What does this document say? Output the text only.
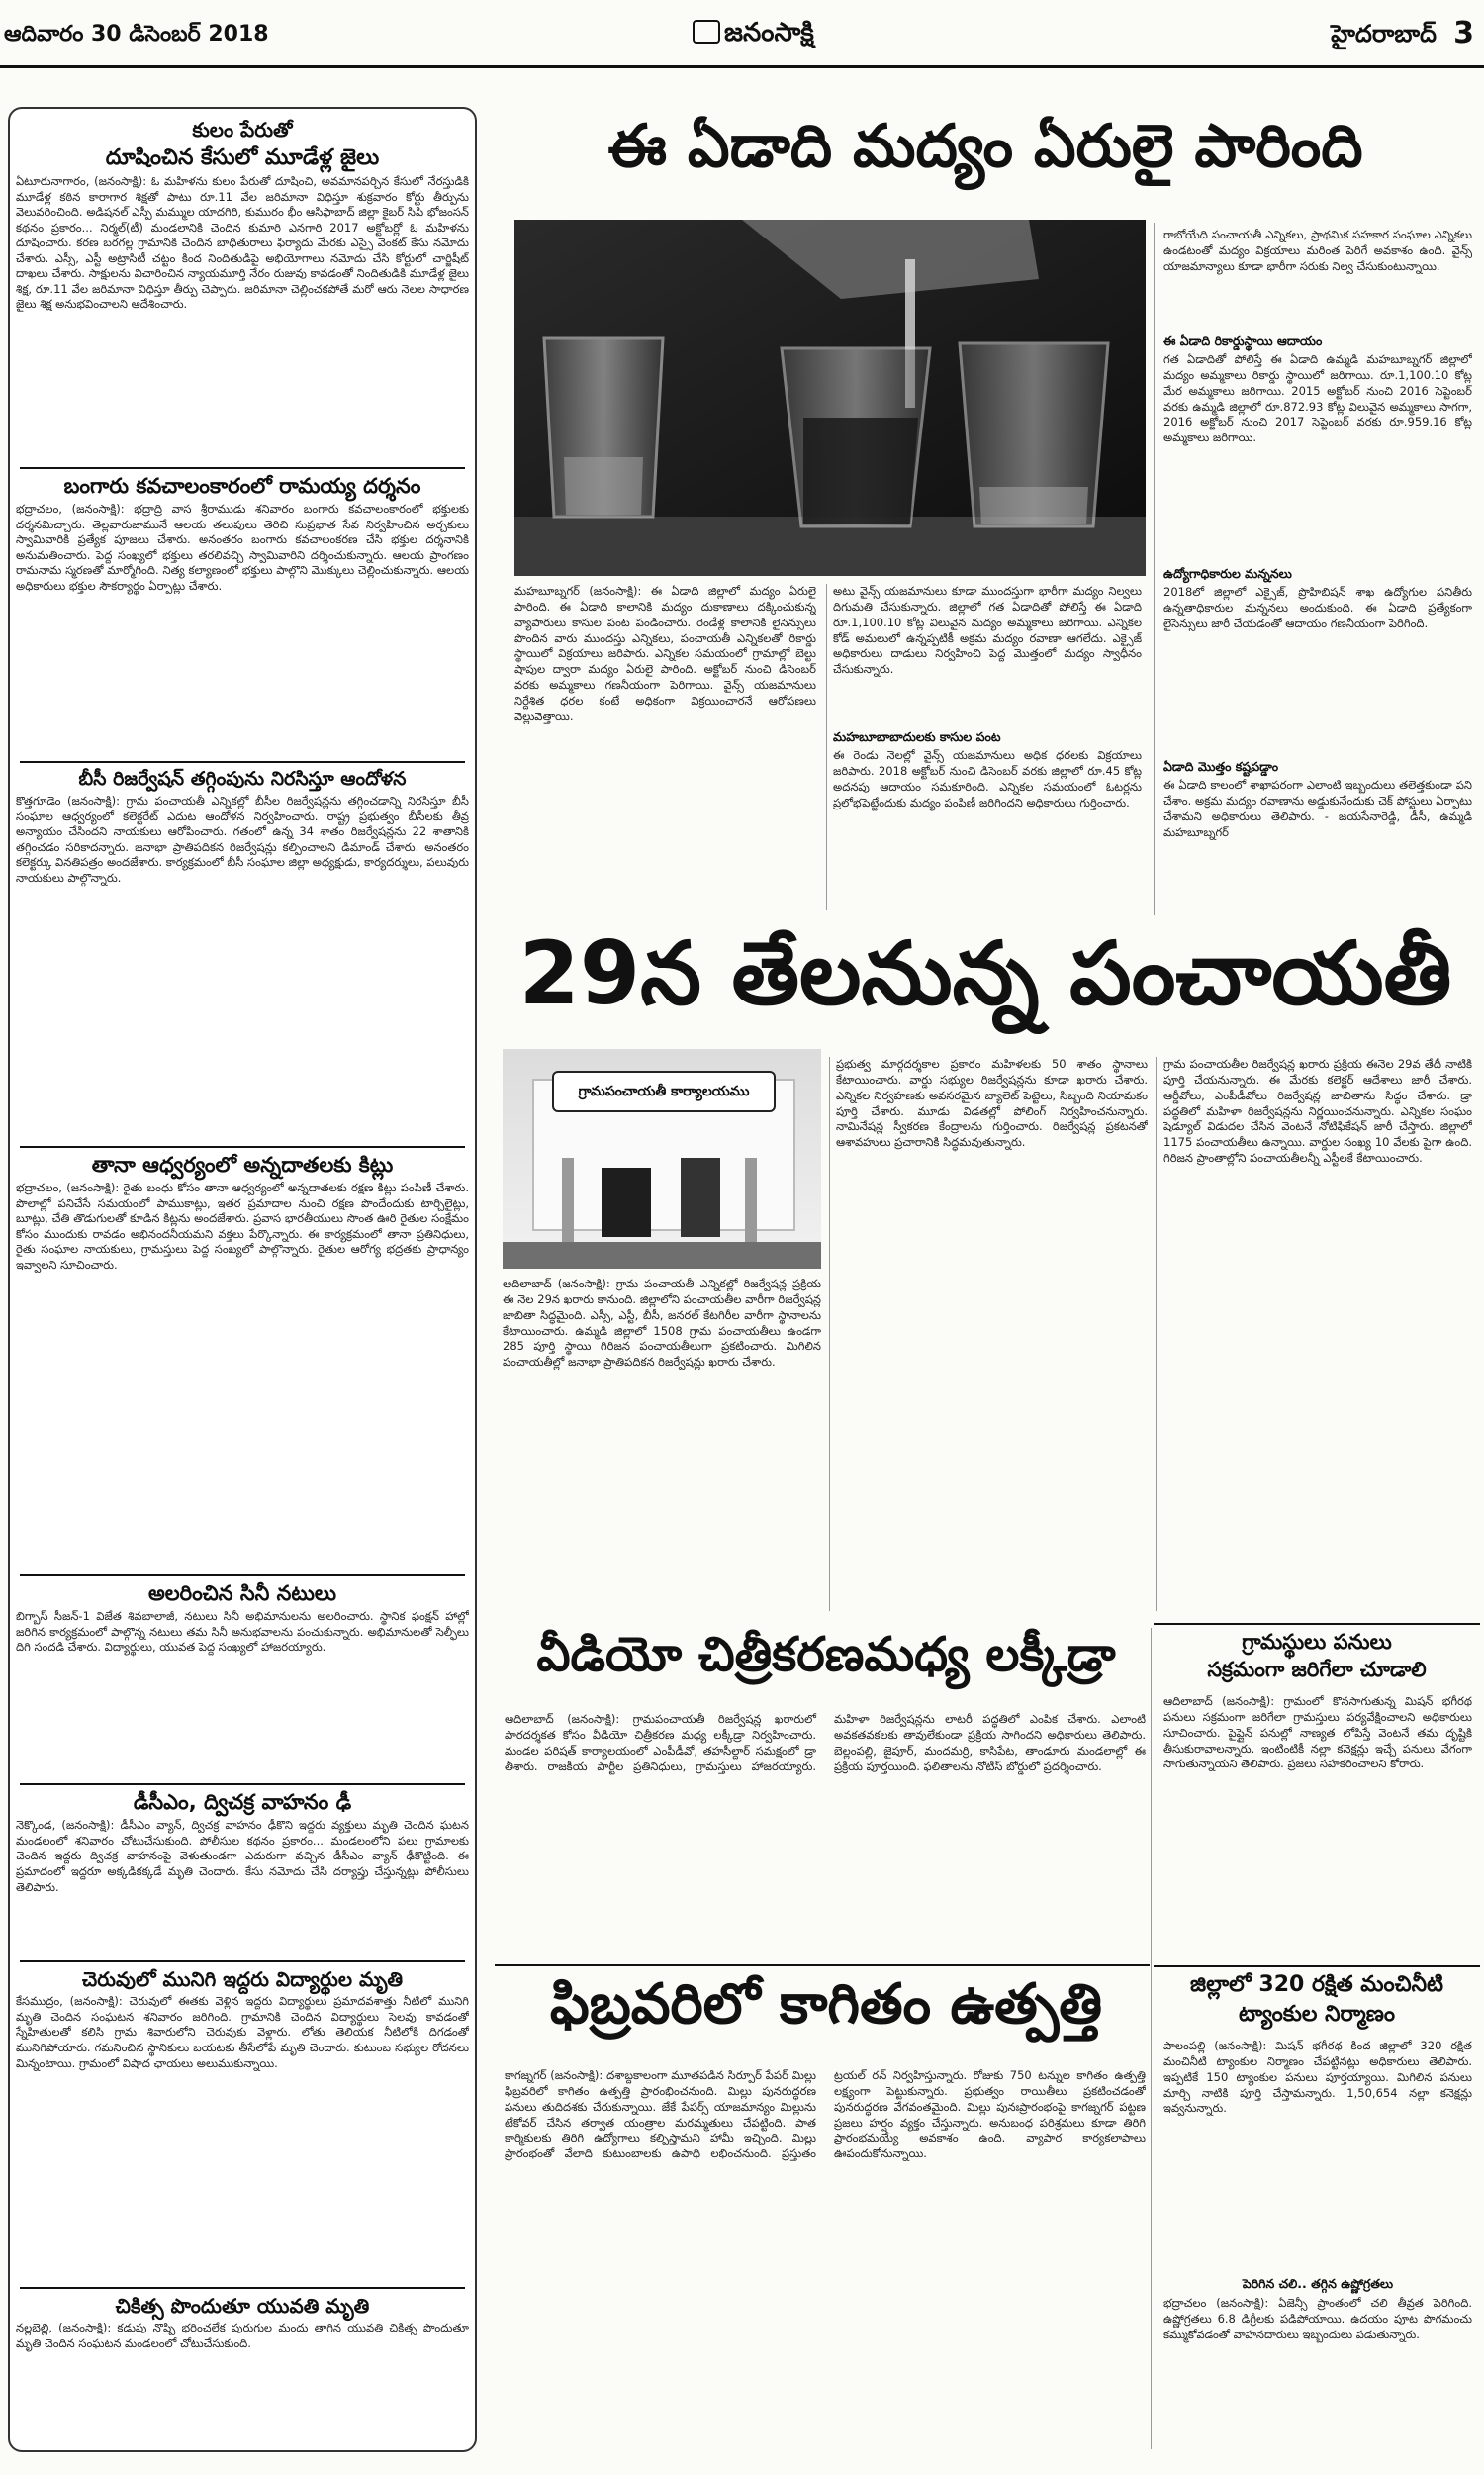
ఆదివారం 30 డిసెంబర్ 2018	జనంసాక్షి	హైదరాబాద్ 3
కులం పేరుతో
దూషించిన కేసులో మూడేళ్ల జైలు
ఏటూరునాగారం, (జనంసాక్షి): ఓ మహిళను కులం పేరుతో దూషించి, అవమానపర్చిన కేసులో నేరస్తుడికి మూడేళ్ల కఠిన కారాగార శిక్షతో పాటు రూ.11 వేల జరిమానా విధిస్తూ శుక్రవారం కోర్టు తీర్పును వెలువరించింది. అడిషనల్ ఎస్పీ మమ్ముల యాదగిరి, కుమురం భీం ఆసిఫాబాద్ జిల్లా కైబర్ సిపి భోజంసన్ కథనం ప్రకారం... నిర్మల్(టీ) మండలానికి చెందిన కుమారి ఎనగారి 2017 అక్టోబర్లో ఓ మహిళను దూషించారు. కరణ బరగల్ల గ్రామానికి చెందిన బాధితురాలు ఫిర్యాదు మేరకు ఎస్సై వెంకట్ కేసు నమోదు చేశారు. ఎస్సీ, ఎస్టీ అట్రాసిటీ చట్టం కింద నిందితుడిపై అభియోగాలు నమోదు చేసి కోర్టులో చార్జిషీట్ దాఖలు చేశారు. సాక్షులను విచారించిన న్యాయమూర్తి నేరం రుజువు కావడంతో నిందితుడికి మూడేళ్ల జైలు శిక్ష, రూ.11 వేల జరిమానా విధిస్తూ తీర్పు చెప్పారు. జరిమానా చెల్లించకపోతే మరో ఆరు నెలల సాధారణ జైలు శిక్ష అనుభవించాలని ఆదేశించారు.
బంగారు కవచాలంకారంలో రామయ్య దర్శనం
భద్రాచలం, (జనంసాక్షి): భద్రాద్రి వాస శ్రీరాముడు శనివారం బంగారు కవచాలంకారంలో భక్తులకు దర్శనమిచ్చారు. తెల్లవారుజామునే ఆలయ తలుపులు తెరిచి సుప్రభాత సేవ నిర్వహించిన అర్చకులు స్వామివారికి ప్రత్యేక పూజలు చేశారు. అనంతరం బంగారు కవచాలంకరణ చేసి భక్తుల దర్శనానికి అనుమతించారు. పెద్ద సంఖ్యలో భక్తులు తరలివచ్చి స్వామివారిని దర్శించుకున్నారు. ఆలయ ప్రాంగణం రామనామ స్మరణతో మార్మోగింది. నిత్య కల్యాణంలో భక్తులు పాల్గొని మొక్కులు చెల్లించుకున్నారు. ఆలయ అధికారులు భక్తుల సౌకర్యార్థం ఏర్పాట్లు చేశారు.
బీసీ రిజర్వేషన్ తగ్గింపును నిరసిస్తూ ఆందోళన
కొత్తగూడెం (జనంసాక్షి): గ్రామ పంచాయతీ ఎన్నికల్లో బీసీల రిజర్వేషన్లను తగ్గించడాన్ని నిరసిస్తూ బీసీ సంఘాల ఆధ్వర్యంలో కలెక్టరేట్ ఎదుట ఆందోళన నిర్వహించారు. రాష్ట్ర ప్రభుత్వం బీసీలకు తీవ్ర అన్యాయం చేసిందని నాయకులు ఆరోపించారు. గతంలో ఉన్న 34 శాతం రిజర్వేషన్లను 22 శాతానికి తగ్గించడం సరికాదన్నారు. జనాభా ప్రాతిపదికన రిజర్వేషన్లు కల్పించాలని డిమాండ్ చేశారు. అనంతరం కలెక్టర్కు వినతిపత్రం అందజేశారు. కార్యక్రమంలో బీసీ సంఘాల జిల్లా అధ్యక్షుడు, కార్యదర్శులు, పలువురు నాయకులు పాల్గొన్నారు.
తానా ఆధ్వర్యంలో అన్నదాతలకు కిట్లు
భద్రాచలం, (జనంసాక్షి): రైతు బంధు కోసం తానా ఆధ్వర్యంలో అన్నదాతలకు రక్షణ కిట్లు పంపిణీ చేశారు. పొలాల్లో పనిచేసే సమయంలో పాముకాట్లు, ఇతర ప్రమాదాల నుంచి రక్షణ పొందేందుకు టార్చిలైట్లు, బూట్లు, చేతి తొడుగులతో కూడిన కిట్లను అందజేశారు. ప్రవాస భారతీయులు సొంత ఊరి రైతుల సంక్షేమం కోసం ముందుకు రావడం అభినందనీయమని వక్తలు పేర్కొన్నారు. ఈ కార్యక్రమంలో తానా ప్రతినిధులు, రైతు సంఘాల నాయకులు, గ్రామస్తులు పెద్ద సంఖ్యలో పాల్గొన్నారు. రైతుల ఆరోగ్య భద్రతకు ప్రాధాన్యం ఇవ్వాలని సూచించారు.
అలరించిన సినీ నటులు
బిగ్బాస్ సీజన్-1 విజేత శివబాలాజీ, నటులు సినీ అభిమానులను అలరించారు. స్థానిక ఫంక్షన్ హాల్లో జరిగిన కార్యక్రమంలో పాల్గొన్న నటులు తమ సినీ అనుభవాలను పంచుకున్నారు. అభిమానులతో సెల్ఫీలు దిగి సందడి చేశారు. విద్యార్థులు, యువత పెద్ద సంఖ్యలో హాజరయ్యారు.
డీసీఎం, ద్విచక్ర వాహనం ఢీ
నెక్కొండ, (జనంసాక్షి): డీసీఎం వ్యాన్, ద్విచక్ర వాహనం ఢీకొని ఇద్దరు వ్యక్తులు మృతి చెందిన ఘటన మండలంలో శనివారం చోటుచేసుకుంది. పోలీసుల కథనం ప్రకారం... మండలంలోని పలు గ్రామాలకు చెందిన ఇద్దరు ద్విచక్ర వాహనంపై వెళుతుండగా ఎదురుగా వచ్చిన డీసీఎం వ్యాన్ ఢీకొట్టింది. ఈ ప్రమాదంలో ఇద్దరూ అక్కడికక్కడే మృతి చెందారు. కేసు నమోదు చేసి దర్యాప్తు చేస్తున్నట్లు పోలీసులు తెలిపారు.
చెరువులో మునిగి ఇద్దరు విద్యార్థుల మృతి
కేసముద్రం, (జనంసాక్షి): చెరువులో ఈతకు వెళ్లిన ఇద్దరు విద్యార్థులు ప్రమాదవశాత్తు నీటిలో మునిగి మృతి చెందిన సంఘటన శనివారం జరిగింది. గ్రామానికి చెందిన విద్యార్థులు సెలవు కావడంతో స్నేహితులతో కలిసి గ్రామ శివారులోని చెరువుకు వెళ్లారు. లోతు తెలియక నీటిలోకి దిగడంతో మునిగిపోయారు. గమనించిన స్థానికులు బయటకు తీసేలోపే మృతి చెందారు. కుటుంబ సభ్యుల రోదనలు మిన్నంటాయి. గ్రామంలో విషాద ఛాయలు అలుముకున్నాయి.
చికిత్స పొందుతూ యువతి మృతి
నల్లబెల్లి, (జనంసాక్షి): కడుపు నొప్పి భరించలేక పురుగుల మందు తాగిన యువతి చికిత్స పొందుతూ మృతి చెందిన సంఘటన మండలంలో చోటుచేసుకుంది.
ఈ ఏడాది మద్యం ఏరులై పారింది
మహబూబ్నగర్ (జనంసాక్షి): ఈ ఏడాది జిల్లాలో మద్యం ఏరులై పారింది. ఈ ఏడాది కాలానికి మద్యం దుకాణాలు దక్కించుకున్న వ్యాపారులు కాసుల పంట పండించారు. రెండేళ్ల కాలానికి లైసెన్సులు పొందిన వారు ముందస్తు ఎన్నికలు, పంచాయతీ ఎన్నికలతో రికార్డు స్థాయిలో విక్రయాలు జరిపారు. ఎన్నికల సమయంలో గ్రామాల్లో బెల్టు షాపుల ద్వారా మద్యం ఏరులై పారింది. అక్టోబర్ నుంచి డిసెంబర్ వరకు అమ్మకాలు గణనీయంగా పెరిగాయి. వైన్స్ యజమానులు నిర్దేశిత ధరల కంటే అధికంగా విక్రయించారనే ఆరోపణలు వెల్లువెత్తాయి.
అటు వైన్స్ యజమానులు కూడా ముందస్తుగా భారీగా మద్యం నిల్వలు దిగుమతి చేసుకున్నారు. జిల్లాలో గత ఏడాదితో పోలిస్తే ఈ ఏడాది రూ.1,100.10 కోట్ల విలువైన మద్యం అమ్మకాలు జరిగాయి. ఎన్నికల కోడ్ అమలులో ఉన్నప్పటికీ అక్రమ మద్యం రవాణా ఆగలేదు. ఎక్సైజ్ అధికారులు దాడులు నిర్వహించి పెద్ద మొత్తంలో మద్యం స్వాధీనం చేసుకున్నారు.
మహబూబాబాదులకు కాసుల పంట
ఈ రెండు నెలల్లో వైన్స్ యజమానులు అధిక ధరలకు విక్రయాలు జరిపారు. 2018 అక్టోబర్ నుంచి డిసెంబర్ వరకు జిల్లాలో రూ.45 కోట్ల అదనపు ఆదాయం సమకూరింది. ఎన్నికల సమయంలో ఓటర్లను ప్రలోభపెట్టేందుకు మద్యం పంపిణీ జరిగిందని అధికారులు గుర్తించారు.
రాబోయేది పంచాయతీ ఎన్నికలు, ప్రాథమిక సహకార సంఘాల ఎన్నికలు ఉండటంతో మద్యం విక్రయాలు మరింత పెరిగే అవకాశం ఉంది. వైన్స్ యాజమాన్యాలు కూడా భారీగా సరుకు నిల్వ చేసుకుంటున్నాయి.
ఈ ఏడాది రికార్డుస్థాయి ఆదాయం
గత ఏడాదితో పోలిస్తే ఈ ఏడాది ఉమ్మడి మహబూబ్నగర్ జిల్లాలో మద్యం అమ్మకాలు రికార్డు స్థాయిలో జరిగాయి. రూ.1,100.10 కోట్ల మేర అమ్మకాలు జరిగాయి. 2015 అక్టోబర్ నుంచి 2016 సెప్టెంబర్ వరకు ఉమ్మడి జిల్లాలో రూ.872.93 కోట్ల విలువైన అమ్మకాలు సాగగా, 2016 అక్టోబర్ నుంచి 2017 సెప్టెంబర్ వరకు రూ.959.16 కోట్ల అమ్మకాలు జరిగాయి.
ఉద్యోగాధికారుల మన్ననలు
2018లో జిల్లాలో ఎక్సైజ్, ప్రొహిబిషన్ శాఖ ఉద్యోగుల పనితీరు ఉన్నతాధికారుల మన్ననలు అందుకుంది. ఈ ఏడాది ప్రత్యేకంగా లైసెన్సులు జారీ చేయడంతో ఆదాయం గణనీయంగా పెరిగింది.
ఏడాది మొత్తం కష్టపడ్డాం
ఈ ఏడాది కాలంలో శాఖాపరంగా ఎలాంటి ఇబ్బందులు తలెత్తకుండా పని చేశాం. అక్రమ మద్యం రవాణాను అడ్డుకునేందుకు చెక్ పోస్టులు ఏర్పాటు చేశామని అధికారులు తెలిపారు. - జయసేనారెడ్డి, డీసీ, ఉమ్మడి మహబూబ్నగర్
29న తేలనున్న పంచాయతీ
గ్రామపంచాయతీ కార్యాలయము
ఆదిలాబాద్ (జనంసాక్షి): గ్రామ పంచాయతీ ఎన్నికల్లో రిజర్వేషన్ల ప్రక్రియ ఈ నెల 29న ఖరారు కానుంది. జిల్లాలోని పంచాయతీల వారీగా రిజర్వేషన్ల జాబితా సిద్ధమైంది. ఎస్సీ, ఎస్టీ, బీసీ, జనరల్ కేటగిరీల వారీగా స్థానాలను కేటాయించారు. ఉమ్మడి జిల్లాలో 1508 గ్రామ పంచాయతీలు ఉండగా 285 పూర్తి స్థాయి గిరిజన పంచాయతీలుగా ప్రకటించారు. మిగిలిన పంచాయతీల్లో జనాభా ప్రాతిపదికన రిజర్వేషన్లు ఖరారు చేశారు.
ప్రభుత్వ మార్గదర్శకాల ప్రకారం మహిళలకు 50 శాతం స్థానాలు కేటాయించారు. వార్డు సభ్యుల రిజర్వేషన్లను కూడా ఖరారు చేశారు. ఎన్నికల నిర్వహణకు అవసరమైన బ్యాలెట్ పెట్టెలు, సిబ్బంది నియామకం పూర్తి చేశారు. మూడు విడతల్లో పోలింగ్ నిర్వహించనున్నారు. నామినేషన్ల స్వీకరణ కేంద్రాలను గుర్తించారు. రిజర్వేషన్ల ప్రకటనతో ఆశావహులు ప్రచారానికి సిద్ధమవుతున్నారు.
గ్రామ పంచాయతీల రిజర్వేషన్ల ఖరారు ప్రక్రియ ఈనెల 29వ తేదీ నాటికి పూర్తి చేయనున్నారు. ఈ మేరకు కలెక్టర్ ఆదేశాలు జారీ చేశారు. ఆర్డీవోలు, ఎంపీడీవోలు రిజర్వేషన్ల జాబితాను సిద్ధం చేశారు. డ్రా పద్ధతిలో మహిళా రిజర్వేషన్లను నిర్ణయించనున్నారు. ఎన్నికల సంఘం షెడ్యూల్ విడుదల చేసిన వెంటనే నోటిఫికేషన్ జారీ చేస్తారు. జిల్లాలో 1175 పంచాయతీలు ఉన్నాయి. వార్డుల సంఖ్య 10 వేలకు పైగా ఉంది. గిరిజన ప్రాంతాల్లోని పంచాయతీలన్నీ ఎస్టీలకే కేటాయించారు.
వీడియో చిత్రీకరణమధ్య లక్కీడ్రా
ఆదిలాబాద్ (జనంసాక్షి): గ్రామపంచాయతీ రిజర్వేషన్ల ఖరారులో పారదర్శకత కోసం వీడియో చిత్రీకరణ మధ్య లక్కీడ్రా నిర్వహించారు. మండల పరిషత్ కార్యాలయంలో ఎంపీడీవో, తహసీల్దార్ సమక్షంలో డ్రా తీశారు. రాజకీయ పార్టీల ప్రతినిధులు, గ్రామస్తులు హాజరయ్యారు. మహిళా రిజర్వేషన్లను లాటరీ పద్ధతిలో ఎంపిక చేశారు. ఎలాంటి అవకతవకలకు తావులేకుండా ప్రక్రియ సాగిందని అధికారులు తెలిపారు. బెల్లంపల్లి, జైపూర్, మందమర్రి, కాసిపేట, తాండూరు మండలాల్లో ఈ ప్రక్రియ పూర్తయింది. ఫలితాలను నోటీస్ బోర్డులో ప్రదర్శించారు.
ఫిబ్రవరిలో కాగితం ఉత్పత్తి
కాగజ్నగర్ (జనంసాక్షి): దశాబ్దకాలంగా మూతపడిన సిర్పూర్ పేపర్ మిల్లు ఫిబ్రవరిలో కాగితం ఉత్పత్తి ప్రారంభించనుంది. మిల్లు పునరుద్ధరణ పనులు తుదిదశకు చేరుకున్నాయి. జేకే పేపర్స్ యాజమాన్యం మిల్లును టేకోవర్ చేసిన తర్వాత యంత్రాల మరమ్మతులు చేపట్టింది. పాత కార్మికులకు తిరిగి ఉద్యోగాలు కల్పిస్తామని హామీ ఇచ్చింది. మిల్లు ప్రారంభంతో వేలాది కుటుంబాలకు ఉపాధి లభించనుంది. ప్రస్తుతం ట్రయల్ రన్ నిర్వహిస్తున్నారు. రోజుకు 750 టన్నుల కాగితం ఉత్పత్తి లక్ష్యంగా పెట్టుకున్నారు. ప్రభుత్వం రాయితీలు ప్రకటించడంతో పునరుద్ధరణ వేగవంతమైంది. మిల్లు పునఃప్రారంభంపై కాగజ్నగర్ పట్టణ ప్రజలు హర్షం వ్యక్తం చేస్తున్నారు. అనుబంధ పరిశ్రమలు కూడా తిరిగి ప్రారంభమయ్యే అవకాశం ఉంది. వ్యాపార కార్యకలాపాలు ఊపందుకోనున్నాయి.
గ్రామస్థులు పనులు
సక్రమంగా జరిగేలా చూడాలి
ఆదిలాబాద్ (జనంసాక్షి): గ్రామంలో కొనసాగుతున్న మిషన్ భగీరథ పనులు సక్రమంగా జరిగేలా గ్రామస్తులు పర్యవేక్షించాలని అధికారులు సూచించారు. పైప్లైన్ పనుల్లో నాణ్యత లోపిస్తే వెంటనే తమ దృష్టికి తీసుకురావాలన్నారు. ఇంటింటికీ నల్లా కనెక్షన్లు ఇచ్చే పనులు వేగంగా సాగుతున్నాయని తెలిపారు. ప్రజలు సహకరించాలని కోరారు.
జిల్లాలో 320 రక్షిత మంచినీటి
ట్యాంకుల నిర్మాణం
పాలంపల్లి (జనంసాక్షి): మిషన్ భగీరథ కింద జిల్లాలో 320 రక్షిత మంచినీటి ట్యాంకుల నిర్మాణం చేపట్టినట్లు అధికారులు తెలిపారు. ఇప్పటికే 150 ట్యాంకుల పనులు పూర్తయ్యాయి. మిగిలిన పనులు మార్చి నాటికి పూర్తి చేస్తామన్నారు. 1,50,654 నల్లా కనెక్షన్లు ఇవ్వనున్నారు.
పెరిగిన చలి.. తగ్గిన ఉష్ణోగ్రతలు
భద్రాచలం (జనంసాక్షి): ఏజెన్సీ ప్రాంతంలో చలి తీవ్రత పెరిగింది. ఉష్ణోగ్రతలు 6.8 డిగ్రీలకు పడిపోయాయి. ఉదయం పూట పొగమంచు కమ్ముకోవడంతో వాహనదారులు ఇబ్బందులు పడుతున్నారు.
